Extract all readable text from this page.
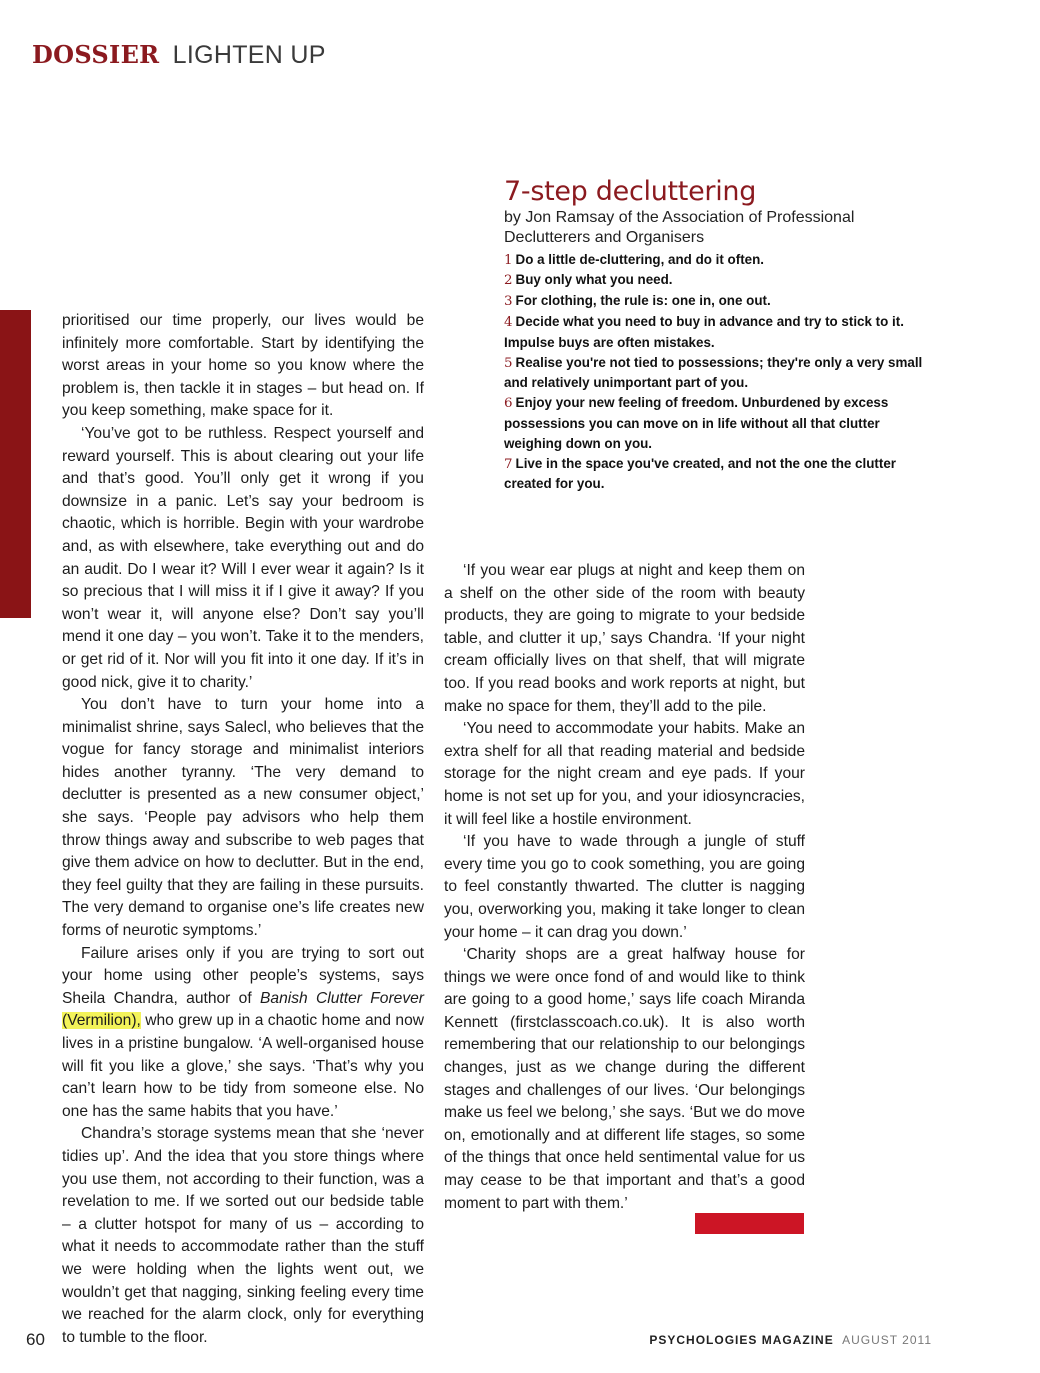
DOSSIER LIGHTEN UP
7-step decluttering
by Jon Ramsay of the Association of Professional Declutterers and Organisers
1 Do a little de-cluttering, and do it often.
2 Buy only what you need.
3 For clothing, the rule is: one in, one out.
4 Decide what you need to buy in advance and try to stick to it. Impulse buys are often mistakes.
5 Realise you're not tied to possessions; they're only a very small and relatively unimportant part of you.
6 Enjoy your new feeling of freedom. Unburdened by excess possessions you can move on in life without all that clutter weighing down on you.
7 Live in the space you've created, and not the one the clutter created for you.

prioritised our time properly, our lives would be infinitely more comfortable. Start by identifying the worst areas in your home so you know where the problem is, then tackle it in stages – but head on. If you keep something, make space for it.

‘You’ve got to be ruthless. Respect yourself and reward yourself. This is about clearing out your life and that’s good. You’ll only get it wrong if you downsize in a panic. Let’s say your bedroom is chaotic, which is horrible. Begin with your wardrobe and, as with elsewhere, take everything out and do an audit. Do I wear it? Will I ever wear it again? Is it so precious that I will miss it if I give it away? If you won’t wear it, will anyone else? Don’t say you’ll mend it one day – you won’t. Take it to the menders, or get rid of it. Nor will you fit into it one day. If it’s in good nick, give it to charity.’

You don’t have to turn your home into a minimalist shrine, says Salecl, who believes that the vogue for fancy storage and minimalist interiors hides another tyranny. ‘The very demand to declutter is presented as a new consumer object,’ she says. ‘People pay advisors who help them throw things away and subscribe to web pages that give them advice on how to declutter. But in the end, they feel guilty that they are failing in these pursuits. The very demand to organise one’s life creates new forms of neurotic symptoms.’

Failure arises only if you are trying to sort out your home using other people’s systems, says Sheila Chandra, author of Banish Clutter Forever (Vermilion), who grew up in a chaotic home and now lives in a pristine bungalow. ‘A well-organised house will fit you like a glove,’ she says. ‘That’s why you can’t learn how to be tidy from someone else. No one has the same habits that you have.’

Chandra’s storage systems mean that she ‘never tidies up’. And the idea that you store things where you use them, not according to their function, was a revelation to me. If we sorted out our bedside table – a clutter hotspot for many of us – according to what it needs to accommodate rather than the stuff we were holding when the lights went out, we wouldn’t get that nagging, sinking feeling every time we reached for the alarm clock, only for everything to tumble to the floor.

‘If you wear ear plugs at night and keep them on a shelf on the other side of the room with beauty products, they are going to migrate to your bedside table, and clutter it up,’ says Chandra. ‘If your night cream officially lives on that shelf, that will migrate too. If you read books and work reports at night, but make no space for them, they’ll add to the pile.

‘You need to accommodate your habits. Make an extra shelf for all that reading material and bedside storage for the night cream and eye pads. If your home is not set up for you, and your idiosyncracies, it will feel like a hostile environment.

‘If you have to wade through a jungle of stuff every time you go to cook something, you are going to feel constantly thwarted. The clutter is nagging you, overworking you, making it take longer to clean your home – it can drag you down.’

‘Charity shops are a great halfway house for things we were once fond of and would like to think are going to a good home,’ says life coach Miranda Kennett (firstclasscoach.co.uk). It is also worth remembering that our relationship to our belongings changes, just as we change during the different stages and challenges of our lives. ‘Our belongings make us feel we belong,’ she says. ‘But we do move on, emotionally and at different life stages, so some of the things that once held sentimental value for us may cease to be that important and that’s a good moment to part with them.’

60	PSYCHOLOGIES MAGAZINE AUGUST 2011
